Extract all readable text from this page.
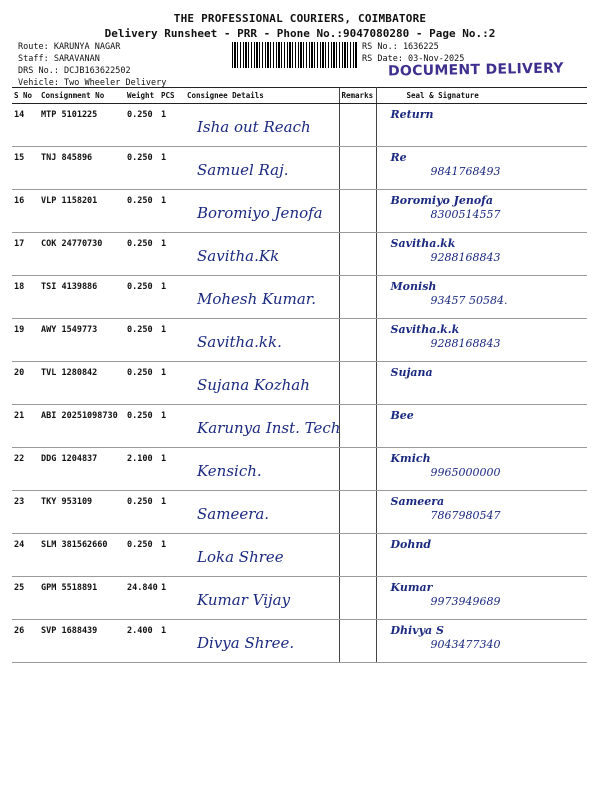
THE PROFESSIONAL COURIERS, COIMBATORE
Delivery Runsheet - PRR - Phone No.:9047080280 - Page No.:2
Route: KARUNYA NAGAR
Staff: SARAVANAN
DRS No.: DCJB163622502
Vehicle: Two Wheeler Delivery
RS No.: 1636225
RS Date: 03-Nov-2025
DOCUMENT DELIVERY
S No	Consignment No	Weight	PCS	Consignee Details	Remarks	Seal & Signature
14	MTP 5101225	0.250	1	Isha out Reach		Return

15	TNJ 845896	0.250	1	Samuel Raj.		Re
9841768493

16	VLP 1158201	0.250	1	Boromiyo Jenofa		Boromiyo Jenofa
8300514557

17	COK 24770730	0.250	1	Savitha.Kk		Savitha.kk
9288168843

18	TSI 4139886	0.250	1	Mohesh Kumar.		Monish
93457 50584.

19	AWY 1549773	0.250	1	Savitha.kk.		Savitha.k.k
9288168843

20	TVL 1280842	0.250	1	Sujana Kozhah		Sujana

21	ABI 20251098730	0.250	1	Karunya Inst. Tech		Bee

22	DDG 1204837	2.100	1	Kensich.		Kmich
9965000000

23	TKY 953109	0.250	1	Sameera.		Sameera
7867980547

24	SLM 381562660	0.250	1	Loka Shree		Dohnd

25	GPM 5518891	24.840	1	Kumar Vijay		Kumar
9973949689

26	SVP 1688439	2.400	1	Divya Shree.		Dhivya S
9043477340
